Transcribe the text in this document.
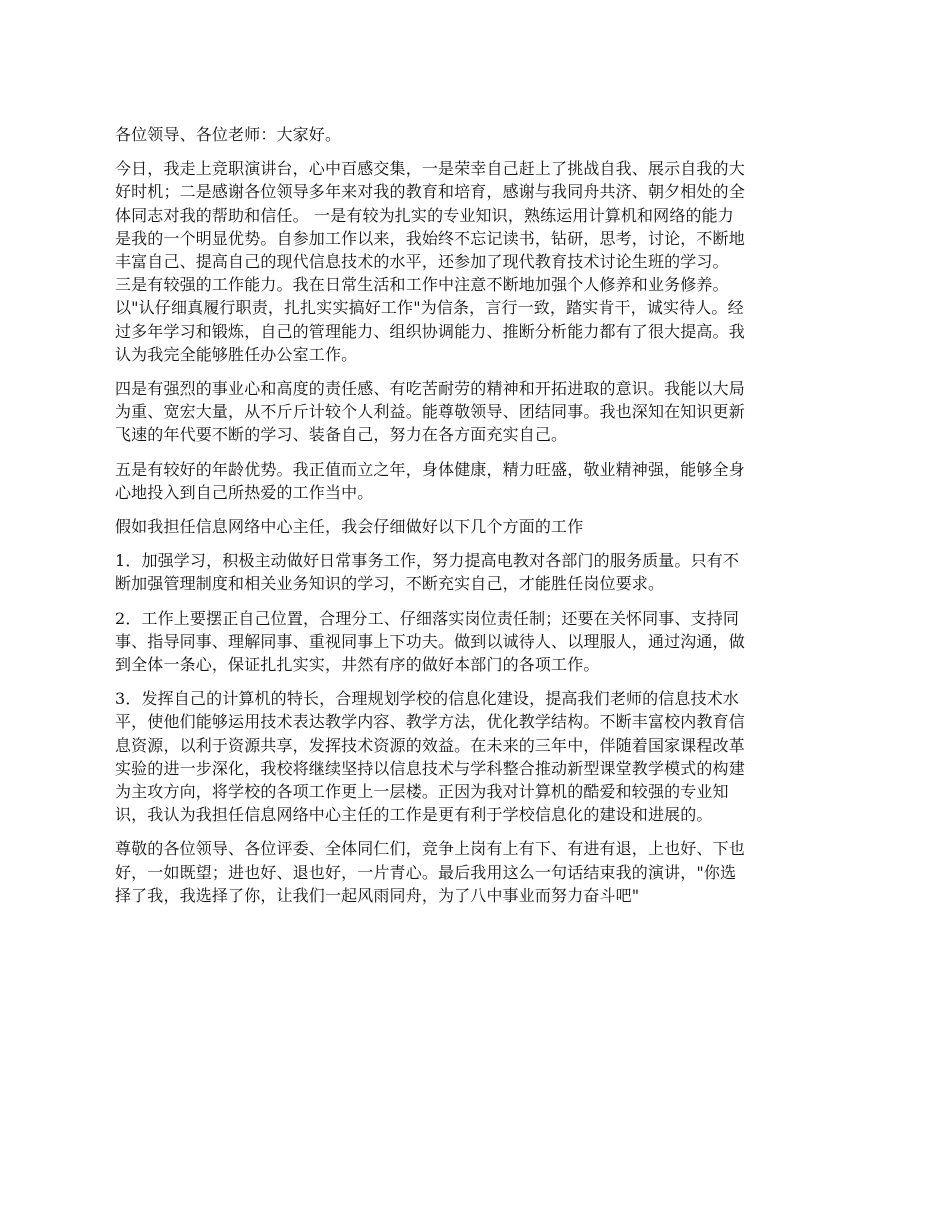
各位领导、各位老师：大家好。
今日，我走上竞职演讲台，心中百感交集，一是荣幸自己赶上了挑战自我、展示自我的大
好时机；二是感谢各位领导多年来对我的教育和培育，感谢与我同舟共济、朝夕相处的全
体同志对我的帮助和信任。 一是有较为扎实的专业知识，熟练运用计算机和网络的能力
是我的一个明显优势。自参加工作以来，我始终不忘记读书，钻研，思考，讨论，不断地
丰富自己、提高自己的现代信息技术的水平，还参加了现代教育技术讨论生班的学习。
三是有较强的工作能力。我在日常生活和工作中注意不断地加强个人修养和业务修养。
以"认仔细真履行职责，扎扎实实搞好工作"为信条，言行一致，踏实肯干，诚实待人。经
过多年学习和锻炼，自己的管理能力、组织协调能力、推断分析能力都有了很大提高。我
认为我完全能够胜任办公室工作。
四是有强烈的事业心和高度的责任感、有吃苦耐劳的精神和开拓进取的意识。我能以大局
为重、宽宏大量，从不斤斤计较个人利益。能尊敬领导、团结同事。我也深知在知识更新
飞速的年代要不断的学习、装备自己，努力在各方面充实自己。
五是有较好的年龄优势。我正值而立之年，身体健康，精力旺盛，敬业精神强，能够全身
心地投入到自己所热爱的工作当中。
假如我担任信息网络中心主任，我会仔细做好以下几个方面的工作
1．加强学习，积极主动做好日常事务工作，努力提高电教对各部门的服务质量。只有不
断加强管理制度和相关业务知识的学习，不断充实自己，才能胜任岗位要求。
2．工作上要摆正自己位置，合理分工、仔细落实岗位责任制；还要在关怀同事、支持同
事、指导同事、理解同事、重视同事上下功夫。做到以诚待人、以理服人，通过沟通，做
到全体一条心，保证扎扎实实，井然有序的做好本部门的各项工作。
3．发挥自己的计算机的特长，合理规划学校的信息化建设，提高我们老师的信息技术水
平，使他们能够运用技术表达教学内容、教学方法，优化教学结构。不断丰富校内教育信
息资源，以利于资源共享，发挥技术资源的效益。在未来的三年中，伴随着国家课程改革
实验的进一步深化，我校将继续坚持以信息技术与学科整合推动新型课堂教学模式的构建
为主攻方向，将学校的各项工作更上一层楼。正因为我对计算机的酷爱和较强的专业知
识，我认为我担任信息网络中心主任的工作是更有利于学校信息化的建设和进展的。
尊敬的各位领导、各位评委、全体同仁们，竞争上岗有上有下、有进有退，上也好、下也
好，一如既望；进也好、退也好，一片青心。最后我用这么一句话结束我的演讲，"你选
择了我，我选择了你，让我们一起风雨同舟，为了八中事业而努力奋斗吧"
